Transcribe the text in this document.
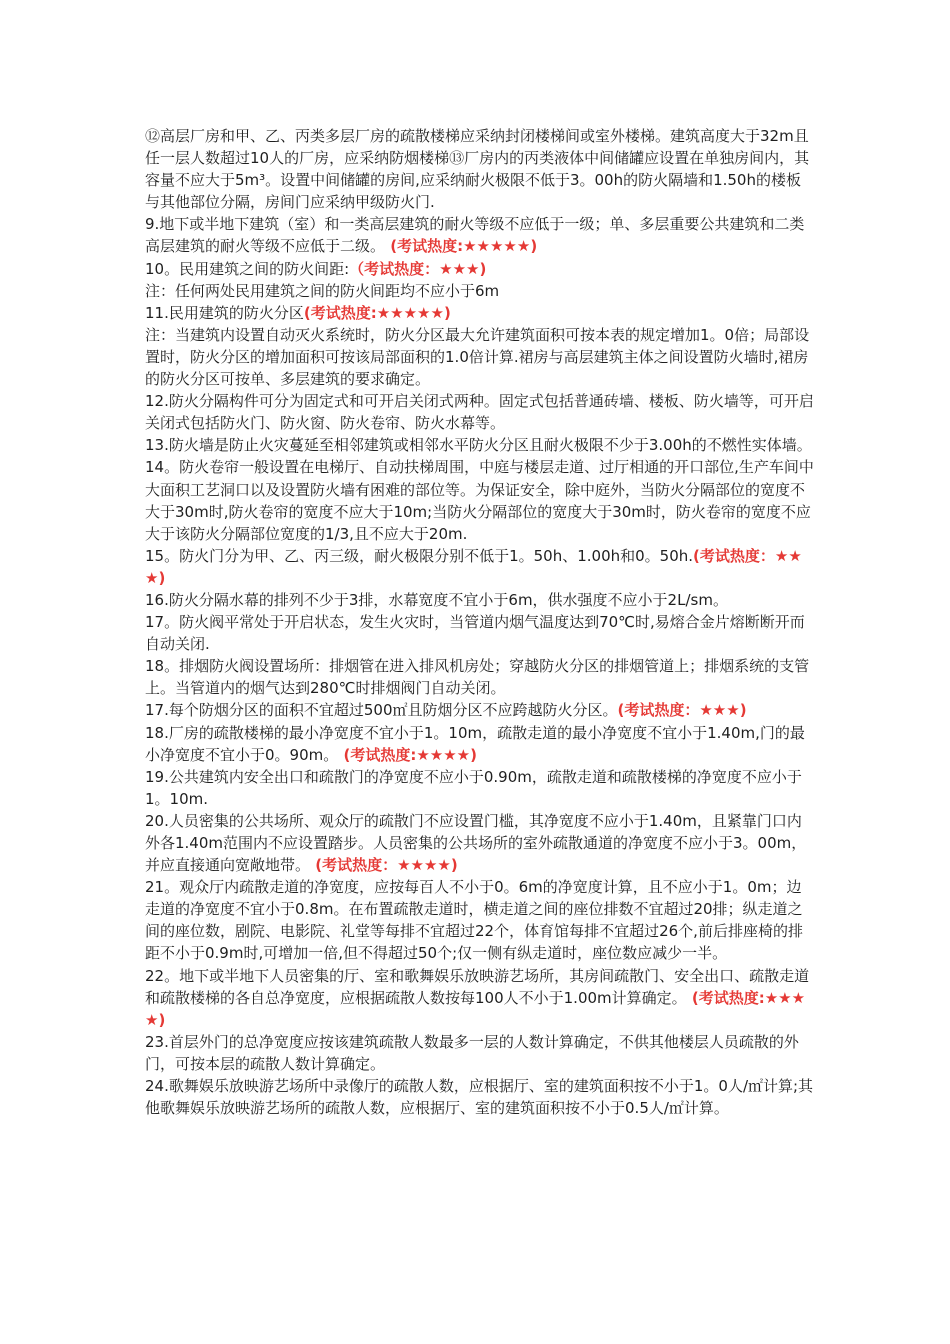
⑫高层厂房和甲、乙、丙类多层厂房的疏散楼梯应采纳封闭楼梯间或室外楼梯。建筑高度大于32m且任一层人数超过10人的厂房，应采纳防烟楼梯⑬厂房内的丙类液体中间储罐应设置在单独房间内，其容量不应大于5m³。设置中间储罐的房间,应采纳耐火极限不低于3。00h的防火隔墙和1.50h的楼板与其他部位分隔，房间门应采纳甲级防火门.

9.地下或半地下建筑（室）和一类高层建筑的耐火等级不应低于一级；单、多层重要公共建筑和二类高层建筑的耐火等级不应低于二级。 (考试热度:★★★★★)

10。民用建筑之间的防火间距:（考试热度：★★★)

注：任何两处民用建筑之间的防火间距均不应小于6m

11.民用建筑的防火分区(考试热度:★★★★★)

注：当建筑内设置自动灭火系统时，防火分区最大允许建筑面积可按本表的规定增加1。0倍；局部设置时，防火分区的增加面积可按该局部面积的1.0倍计算.裙房与高层建筑主体之间设置防火墙时,裙房的防火分区可按单、多层建筑的要求确定。

12.防火分隔构件可分为固定式和可开启关闭式两种。固定式包括普通砖墙、楼板、防火墙等，可开启关闭式包括防火门、防火窗、防火卷帘、防火水幕等。

13.防火墙是防止火灾蔓延至相邻建筑或相邻水平防火分区且耐火极限不少于3.00h的不燃性实体墙。

14。防火卷帘一般设置在电梯厅、自动扶梯周围，中庭与楼层走道、过厅相通的开口部位,生产车间中大面积工艺洞口以及设置防火墙有困难的部位等。为保证安全，除中庭外，当防火分隔部位的宽度不大于30m时,防火卷帘的宽度不应大于10m;当防火分隔部位的宽度大于30m时，防火卷帘的宽度不应大于该防火分隔部位宽度的1/3,且不应大于20m.

15。防火门分为甲、乙、丙三级，耐火极限分别不低于1。50h、1.00h和0。50h.(考试热度：★★★)

16.防火分隔水幕的排列不少于3排，水幕宽度不宜小于6m，供水强度不应小于2L/sm。

17。防火阀平常处于开启状态，发生火灾时，当管道内烟气温度达到70℃时,易熔合金片熔断断开而自动关闭.

18。排烟防火阀设置场所：排烟管在进入排风机房处；穿越防火分区的排烟管道上；排烟系统的支管上。当管道内的烟气达到280℃时排烟阀门自动关闭。

17.每个防烟分区的面积不宜超过500㎡且防烟分区不应跨越防火分区。(考试热度：★★★)

18.厂房的疏散楼梯的最小净宽度不宜小于1。10m，疏散走道的最小净宽度不宜小于1.40m,门的最小净宽度不宜小于0。90m。 (考试热度:★★★★)

19.公共建筑内安全出口和疏散门的净宽度不应小于0.90m，疏散走道和疏散楼梯的净宽度不应小于1。10m.

20.人员密集的公共场所、观众厅的疏散门不应设置门槛，其净宽度不应小于1.40m，且紧靠门口内外各1.40m范围内不应设置踏步。人员密集的公共场所的室外疏散通道的净宽度不应小于3。00m，并应直接通向宽敞地带。 (考试热度：★★★★)

21。观众厅内疏散走道的净宽度，应按每百人不小于0。6m的净宽度计算，且不应小于1。0m；边走道的净宽度不宜小于0.8m。在布置疏散走道时，横走道之间的座位排数不宜超过20排；纵走道之间的座位数，剧院、电影院、礼堂等每排不宜超过22个，体育馆每排不宜超过26个,前后排座椅的排距不小于0.9m时,可增加一倍,但不得超过50个;仅一侧有纵走道时，座位数应减少一半。

22。地下或半地下人员密集的厅、室和歌舞娱乐放映游艺场所，其房间疏散门、安全出口、疏散走道和疏散楼梯的各自总净宽度，应根据疏散人数按每100人不小于1.00m计算确定。 (考试热度:★★★★)

23.首层外门的总净宽度应按该建筑疏散人数最多一层的人数计算确定，不供其他楼层人员疏散的外门，可按本层的疏散人数计算确定。

24.歌舞娱乐放映游艺场所中录像厅的疏散人数，应根据厅、室的建筑面积按不小于1。0人/㎡计算;其他歌舞娱乐放映游艺场所的疏散人数，应根据厅、室的建筑面积按不小于0.5人/㎡计算。
